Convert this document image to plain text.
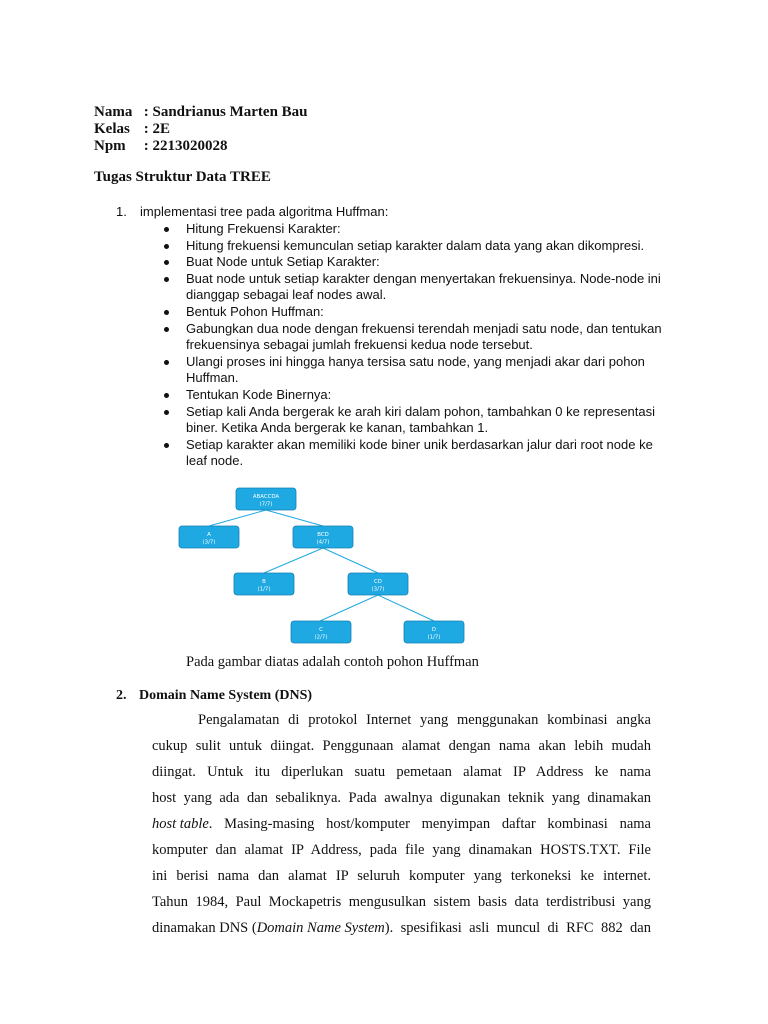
Nama : Sandrianus Marten Bau
Kelas : 2E
Npm : 2213020028
Tugas Struktur Data TREE
1. implementasi tree pada algoritma Huffman:
Hitung Frekuensi Karakter:
Hitung frekuensi kemunculan setiap karakter dalam data yang akan dikompresi.
Buat Node untuk Setiap Karakter:
Buat node untuk setiap karakter dengan menyertakan frekuensinya. Node-node ini dianggap sebagai leaf nodes awal.
Bentuk Pohon Huffman:
Gabungkan dua node dengan frekuensi terendah menjadi satu node, dan tentukan frekuensinya sebagai jumlah frekuensi kedua node tersebut.
Ulangi proses ini hingga hanya tersisa satu node, yang menjadi akar dari pohon Huffman.
Tentukan Kode Binernya:
Setiap kali Anda bergerak ke arah kiri dalam pohon, tambahkan 0 ke representasi biner. Ketika Anda bergerak ke kanan, tambahkan 1.
Setiap karakter akan memiliki kode biner unik berdasarkan jalur dari root node ke leaf node.
ABACCDA
(7/7)
A
(3/7)
BCD
(4/7)
B
(1/7)
CD
(3/7)
C
(2/7)
D
(1/7)
Pada gambar diatas adalah contoh pohon Huffman
2. Domain Name System (DNS)
Pengalamatan di protokol Internet yang menggunakan kombinasi angka
cukup sulit untuk diingat. Penggunaan alamat dengan nama akan lebih mudah
diingat. Untuk itu diperlukan suatu pemetaan alamat IP Address ke nama
host yang ada dan sebaliknya. Pada awalnya digunakan teknik yang dinamakan
host table . Masing-masing host/komputer menyimpan daftar kombinasi nama
komputer dan alamat IP Address, pada file yang dinamakan HOSTS.TXT. File
ini berisi nama dan alamat IP seluruh komputer yang terkoneksi ke internet.
Tahun 1984, Paul Mockapetris mengusulkan sistem basis data terdistribusi yang
dinamakan DNS ( Domain Name System ). spesifikasi asli muncul di RFC 882 dan
